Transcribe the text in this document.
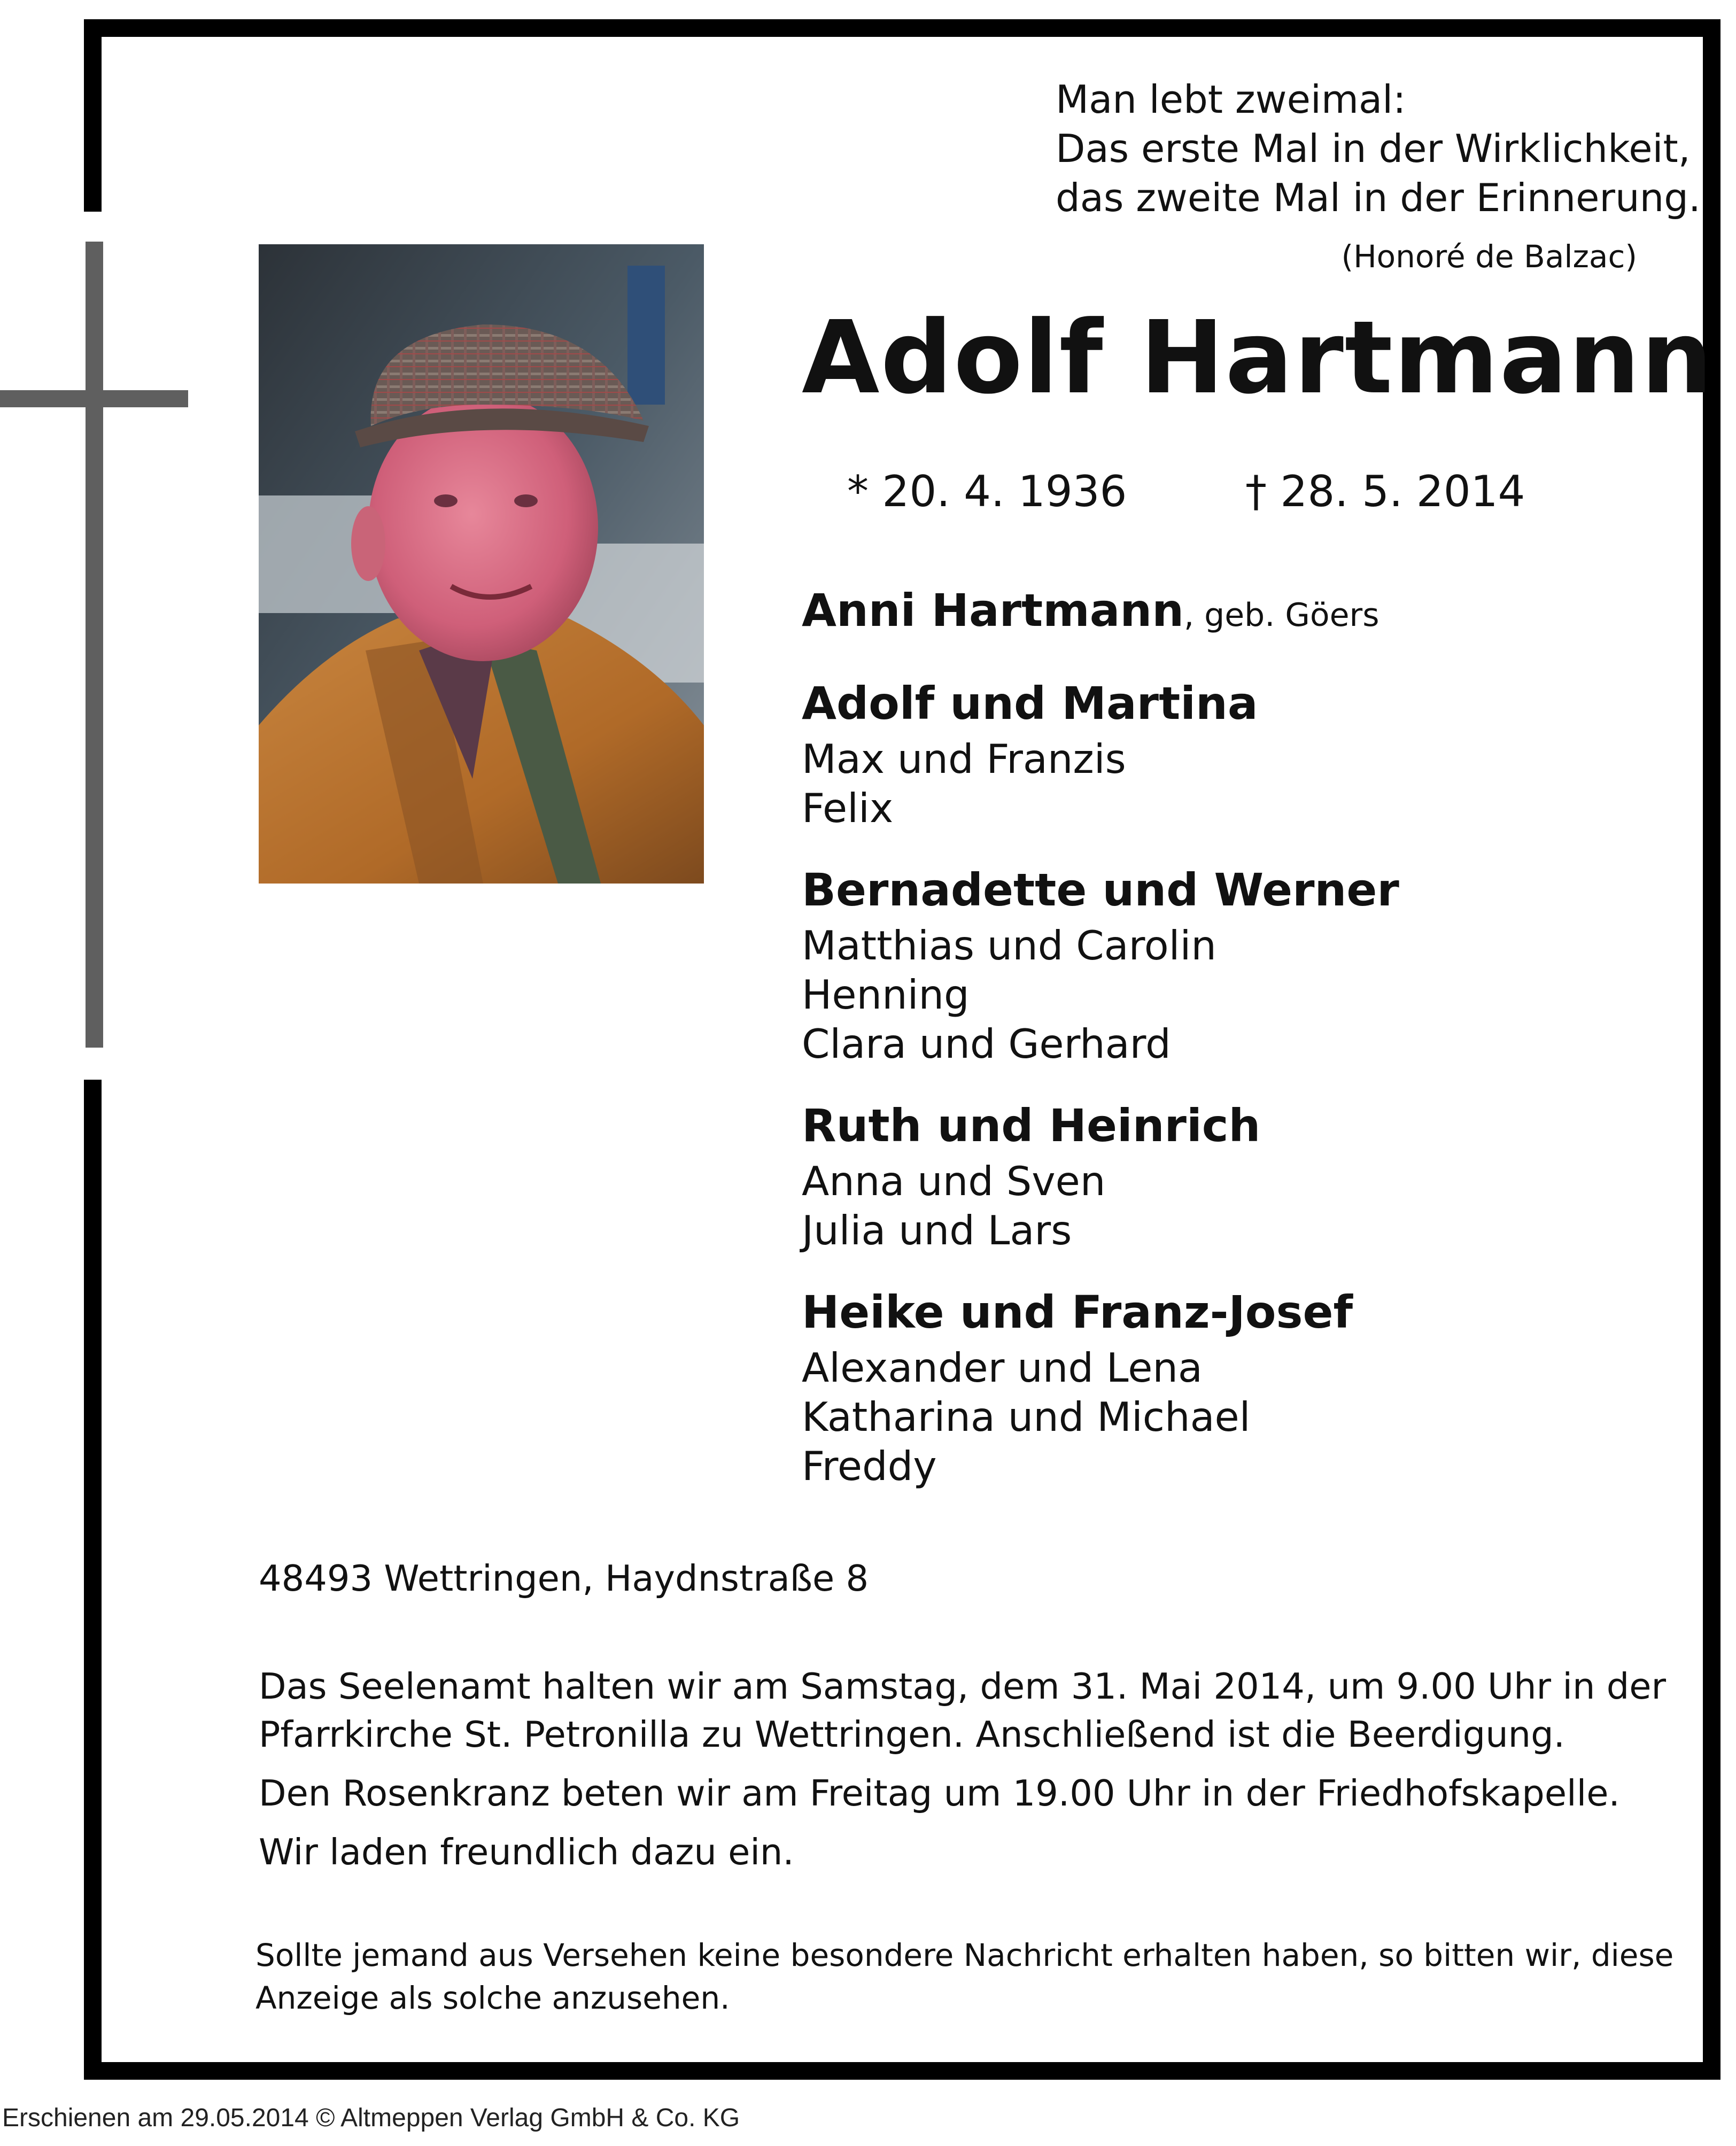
Man lebt zweimal:
Das erste Mal in der Wirklichkeit,
das zweite Mal in der Erinnerung.
(Honoré de Balzac)
Adolf Hartmann
* 20. 4. 1936	† 28. 5. 2014
Anni Hartmann, geb. Göers
Adolf und Martina
Max und Franzis
Felix
Bernadette und Werner
Matthias und Carolin
Henning
Clara und Gerhard
Ruth und Heinrich
Anna und Sven
Julia und Lars
Heike und Franz-Josef
Alexander und Lena
Katharina und Michael
Freddy
48493 Wettringen, Haydnstraße 8

Das Seelenamt halten wir am Samstag, dem 31. Mai 2014, um 9.00 Uhr in der
Pfarrkirche St. Petronilla zu Wettringen. Anschließend ist die Beerdigung.

Den Rosenkranz beten wir am Freitag um 19.00 Uhr in der Friedhofskapelle.

Wir laden freundlich dazu ein.

Sollte jemand aus Versehen keine besondere Nachricht erhalten haben, so bitten wir, diese
Anzeige als solche anzusehen.
Erschienen am 29.05.2014 © Altmeppen Verlag GmbH & Co. KG
